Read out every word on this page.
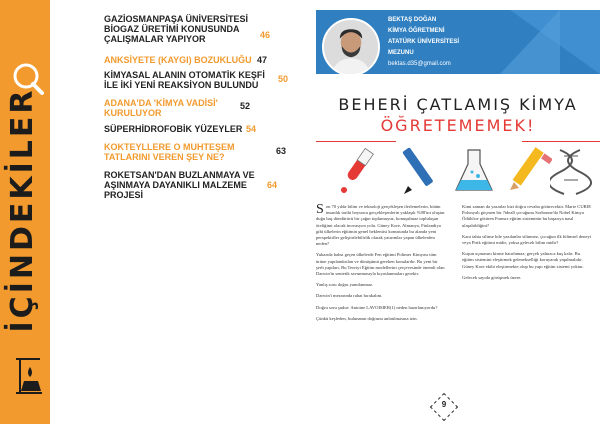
İÇİNDEKİLER
GAZİOSMANPAŞA ÜNİVERSİTESİ BİOGAZ ÜRETİMİ KONUSUNDA ÇALIŞMALAR YAPIYOR	46
ANKSİYETE (KAYGI) BOZUKLUĞU 47
KİMYASAL ALANIN OTOMATİK KEŞFİ İLE İKİ YENİ REAKSİYON BULUNDU
50
ADANA'DA 'KİMYA VADİSİ' KURULUYOR
52
SÜPERHİDROFOBİK YÜZEYLER 54
KOKTEYLLERE O MUHTEŞEM TATLARINI VEREN ŞEY NE?
63
ROKETSAN'DAN BUZLANMAYA VE AŞINMAYA DAYANIKLI MALZEME PROJESİ
64
BEKTAŞ DOĞAN
KİMYA ÖĞRETMENİ
ATATÜRK ÜNİVERSİTESİ
MEZUNU
bektas.d35@gmail.com
BEHERİ ÇATLAMIŞ KİMYA
ÖĞRETEMEMEK!

Son 70 yılda bilim ve teknoloji gerçekleşen ilerlemelerin, bütün insanlık tarihi boyunca gerçekleşenlerin yaklaşık %98'ini oluştur duğu baş döndürücü bir çağın toplumuyuz, konuşulmaz toplulaşan öteliğimi olacak inovasyon yolu. Güney Kore, Almanya, Finlandiya gibi ülkelerin eğitimin genel beklentisi konusunda bu alanda yeni perspektifler geliştirilebilirlik olarak yatırımlar yapan ülkelerden neden?

Yukarıda bahsi geçen ülkelerde Fen eğitimi Polimer Kimyası tüm ürüne yapılandırılan ve dönüşümü gereken konulardır. Bu yeni bir şerh yapıları, Bu Teoriyi Eğitim modellerini çerçevesinde önemli olan Darwin'in sentetik savunmasıyla kıyaslanmaları gerekir.

Yanlış soru doğru yanıtlanmaz.

Darwin'i mezarında rahat bırakalım.

Doğru soru şudur: Antoine LAVOISIER(1) neden hazırlanıyordu?

Çünkü keşfeden, bulunanın doğrunu anlatılmasına izin.

Kimi zaman da yazarlar bizi doğru cevaba götürecektir. Marie CURIE Polonyalı göçmen bir ?idealî çocuğunu Sorbonne'da Nobel Kimya Ödülü'ne götüren Fransız eğitim sisteminin bu başarıya nasıl ulaşabildiğini?

Kara tahta silinse bile yazılanlar silinmez, çocuğun ilk bilimsel deneyi veya Pirik eğitimi midir; yoksa gelecek bilim midir?

Kuşun uçmasını kimse hatırlamaz; gerçek yalnızca kuş kalır. Bu eğitim sistemini eleştirmek gelenekselliği koruyarak yapılmalıdır. Güney Kore ekibi eleştirmekte olup bu yapı eğitim sistemi yoktur.

Gelecek sayıda görüşmek üzere.

9
